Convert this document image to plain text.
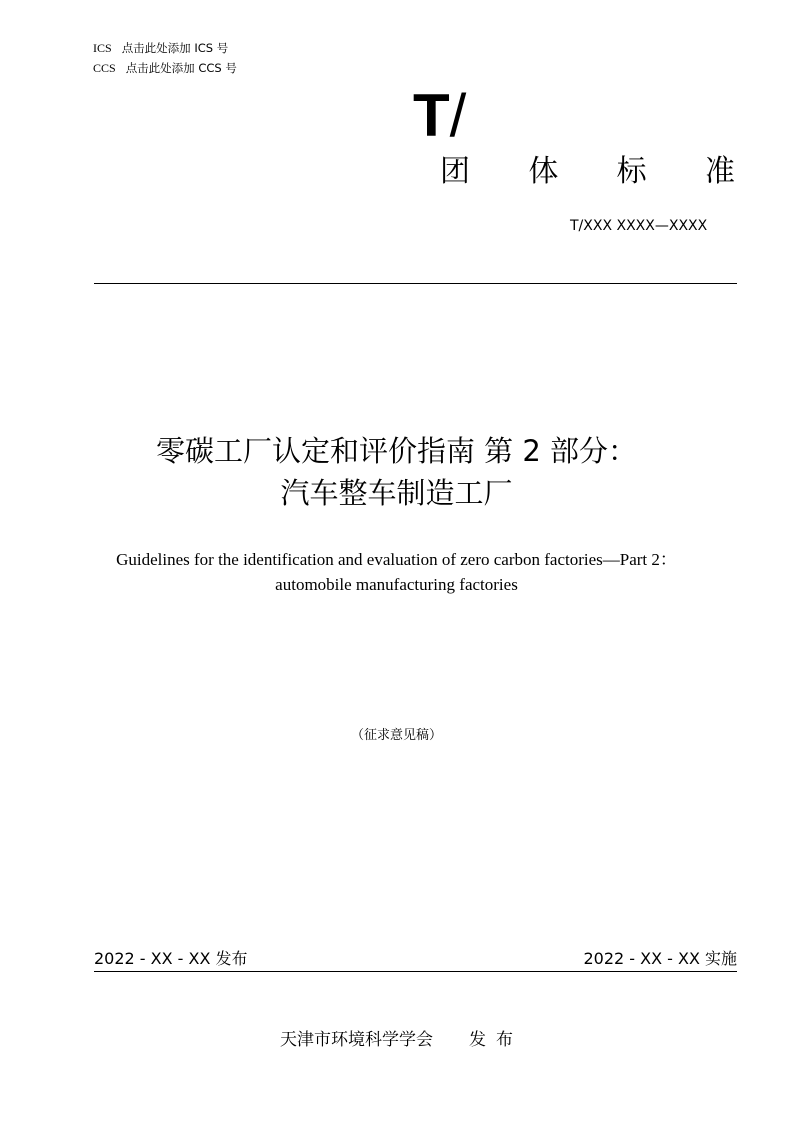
ICS 点击此处添加 ICS 号
CCS 点击此处添加 CCS 号
T/
团 体 标 准
T/XXX XXXX—XXXX
零碳工厂认定和评价指南 第 2 部分：
汽车整车制造工厂
Guidelines for the identification and evaluation of zero carbon factories—Part 2：
automobile manufacturing factories
（征求意见稿）
2022 - XX - XX 发布	2022 - XX - XX 实施
天津市环境科学学会 发布
